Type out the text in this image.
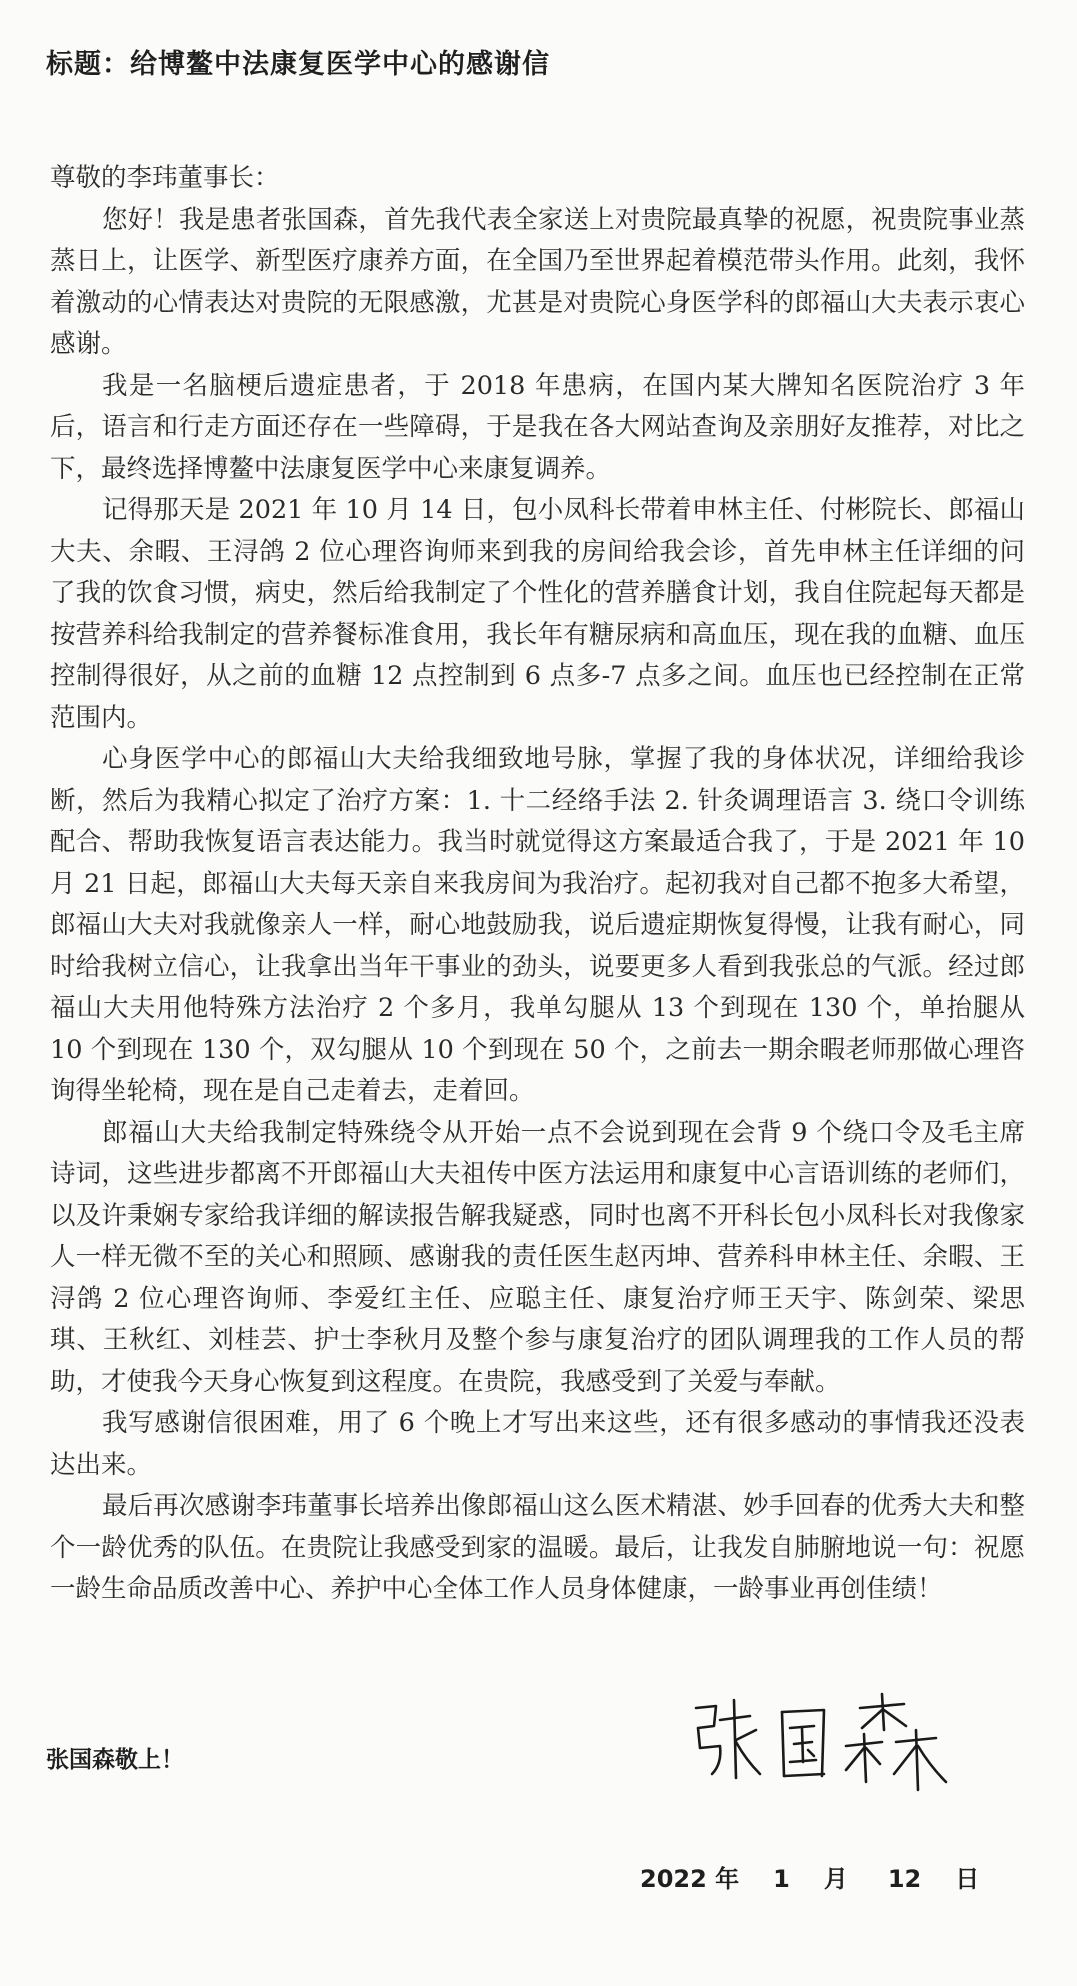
标题：给博鳌中法康复医学中心的感谢信

尊敬的李玮董事长：

您好！我是患者张国森，首先我代表全家送上对贵院最真挚的祝愿，祝贵院事业蒸蒸日上，让医学、新型医疗康养方面，在全国乃至世界起着模范带头作用。此刻，我怀着激动的心情表达对贵院的无限感激，尤甚是对贵院心身医学科的郎福山大夫表示衷心感谢。

我是一名脑梗后遗症患者，于 2018 年患病，在国内某大牌知名医院治疗 3 年后，语言和行走方面还存在一些障碍，于是我在各大网站查询及亲朋好友推荐，对比之下，最终选择博鳌中法康复医学中心来康复调养。

记得那天是 2021 年 10 月 14 日，包小凤科长带着申林主任、付彬院长、郎福山大夫、余暇、王浔鸽 2 位心理咨询师来到我的房间给我会诊，首先申林主任详细的问了我的饮食习惯，病史，然后给我制定了个性化的营养膳食计划，我自住院起每天都是按营养科给我制定的营养餐标准食用，我长年有糖尿病和高血压，现在我的血糖、血压控制得很好，从之前的血糖 12 点控制到 6 点多-7 点多之间。血压也已经控制在正常范围内。

心身医学中心的郎福山大夫给我细致地号脉，掌握了我的身体状况，详细给我诊断，然后为我精心拟定了治疗方案：1. 十二经络手法 2. 针灸调理语言 3. 绕口令训练配合、帮助我恢复语言表达能力。我当时就觉得这方案最适合我了，于是 2021 年 10 月 21 日起，郎福山大夫每天亲自来我房间为我治疗。起初我对自己都不抱多大希望，郎福山大夫对我就像亲人一样，耐心地鼓励我，说后遗症期恢复得慢，让我有耐心，同时给我树立信心，让我拿出当年干事业的劲头，说要更多人看到我张总的气派。经过郎福山大夫用他特殊方法治疗 2 个多月，我单勾腿从 13 个到现在 130 个，单抬腿从 10 个到现在 130 个，双勾腿从 10 个到现在 50 个，之前去一期余暇老师那做心理咨询得坐轮椅，现在是自己走着去，走着回。

郎福山大夫给我制定特殊绕令从开始一点不会说到现在会背 9 个绕口令及毛主席诗词，这些进步都离不开郎福山大夫祖传中医方法运用和康复中心言语训练的老师们，以及许秉娴专家给我详细的解读报告解我疑惑，同时也离不开科长包小凤科长对我像家人一样无微不至的关心和照顾、感谢我的责任医生赵丙坤、营养科申林主任、余暇、王浔鸽 2 位心理咨询师、李爱红主任、应聪主任、康复治疗师王天宇、陈剑荣、梁思琪、王秋红、刘桂芸、护士李秋月及整个参与康复治疗的团队调理我的工作人员的帮助，才使我今天身心恢复到这程度。在贵院，我感受到了关爱与奉献。

我写感谢信很困难，用了 6 个晚上才写出来这些，还有很多感动的事情我还没表达出来。

最后再次感谢李玮董事长培养出像郎福山这么医术精湛、妙手回春的优秀大夫和整个一龄优秀的队伍。在贵院让我感受到家的温暖。最后，让我发自肺腑地说一句：祝愿一龄生命品质改善中心、养护中心全体工作人员身体健康，一龄事业再创佳绩！

张国森敬上！

2022 年 1 月 12 日
